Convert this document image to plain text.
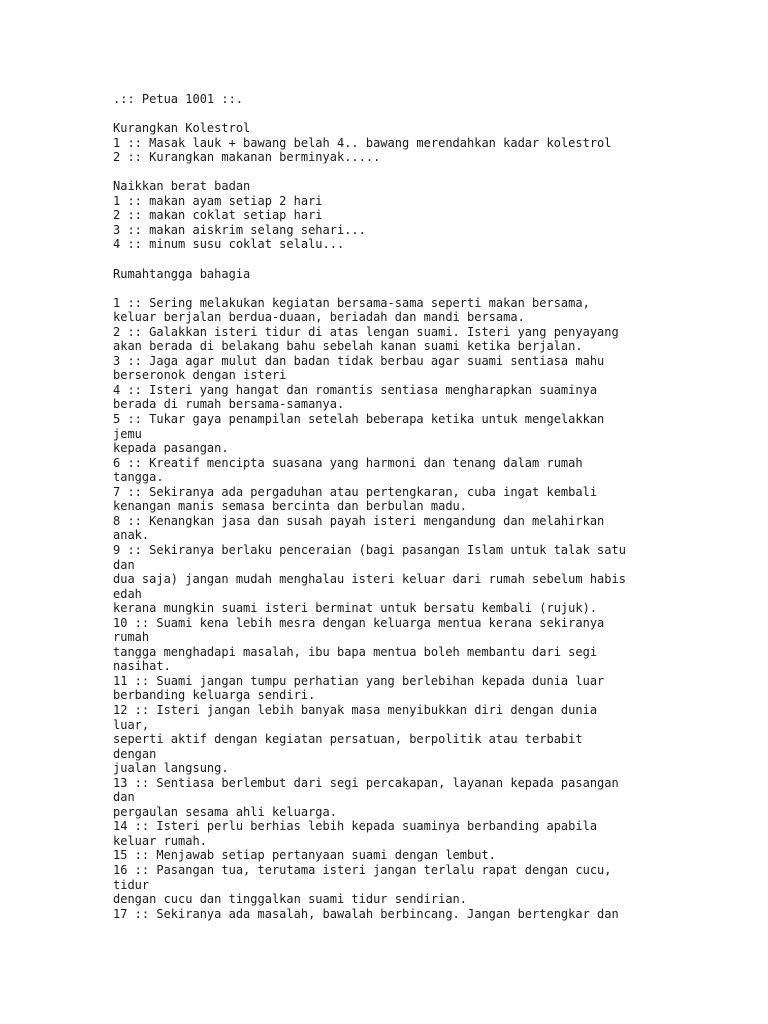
.:: Petua 1001 ::.
Kurangkan Kolestrol
1 :: Masak lauk + bawang belah 4.. bawang merendahkan kadar kolestrol
2 :: Kurangkan makanan berminyak.....
Naikkan berat badan
1 :: makan ayam setiap 2 hari
2 :: makan coklat setiap hari
3 :: makan aiskrim selang sehari...
4 :: minum susu coklat selalu...
Rumahtangga bahagia
1 :: Sering melakukan kegiatan bersama-sama seperti makan bersama,
keluar berjalan berdua-duaan, beriadah dan mandi bersama.
2 :: Galakkan isteri tidur di atas lengan suami. Isteri yang penyayang
akan berada di belakang bahu sebelah kanan suami ketika berjalan.
3 :: Jaga agar mulut dan badan tidak berbau agar suami sentiasa mahu
berseronok dengan isteri
4 :: Isteri yang hangat dan romantis sentiasa mengharapkan suaminya
berada di rumah bersama-samanya.
5 :: Tukar gaya penampilan setelah beberapa ketika untuk mengelakkan
jemu
kepada pasangan.
6 :: Kreatif mencipta suasana yang harmoni dan tenang dalam rumah
tangga.
7 :: Sekiranya ada pergaduhan atau pertengkaran, cuba ingat kembali
kenangan manis semasa bercinta dan berbulan madu.
8 :: Kenangkan jasa dan susah payah isteri mengandung dan melahirkan
anak.
9 :: Sekiranya berlaku penceraian (bagi pasangan Islam untuk talak satu
dan
dua saja) jangan mudah menghalau isteri keluar dari rumah sebelum habis
edah
kerana mungkin suami isteri berminat untuk bersatu kembali (rujuk).
10 :: Suami kena lebih mesra dengan keluarga mentua kerana sekiranya
rumah
tangga menghadapi masalah, ibu bapa mentua boleh membantu dari segi
nasihat.
11 :: Suami jangan tumpu perhatian yang berlebihan kepada dunia luar
berbanding keluarga sendiri.
12 :: Isteri jangan lebih banyak masa menyibukkan diri dengan dunia
luar,
seperti aktif dengan kegiatan persatuan, berpolitik atau terbabit
dengan
jualan langsung.
13 :: Sentiasa berlembut dari segi percakapan, layanan kepada pasangan
dan
pergaulan sesama ahli keluarga.
14 :: Isteri perlu berhias lebih kepada suaminya berbanding apabila
keluar rumah.
15 :: Menjawab setiap pertanyaan suami dengan lembut.
16 :: Pasangan tua, terutama isteri jangan terlalu rapat dengan cucu,
tidur
dengan cucu dan tinggalkan suami tidur sendirian.
17 :: Sekiranya ada masalah, bawalah berbincang. Jangan bertengkar dan
